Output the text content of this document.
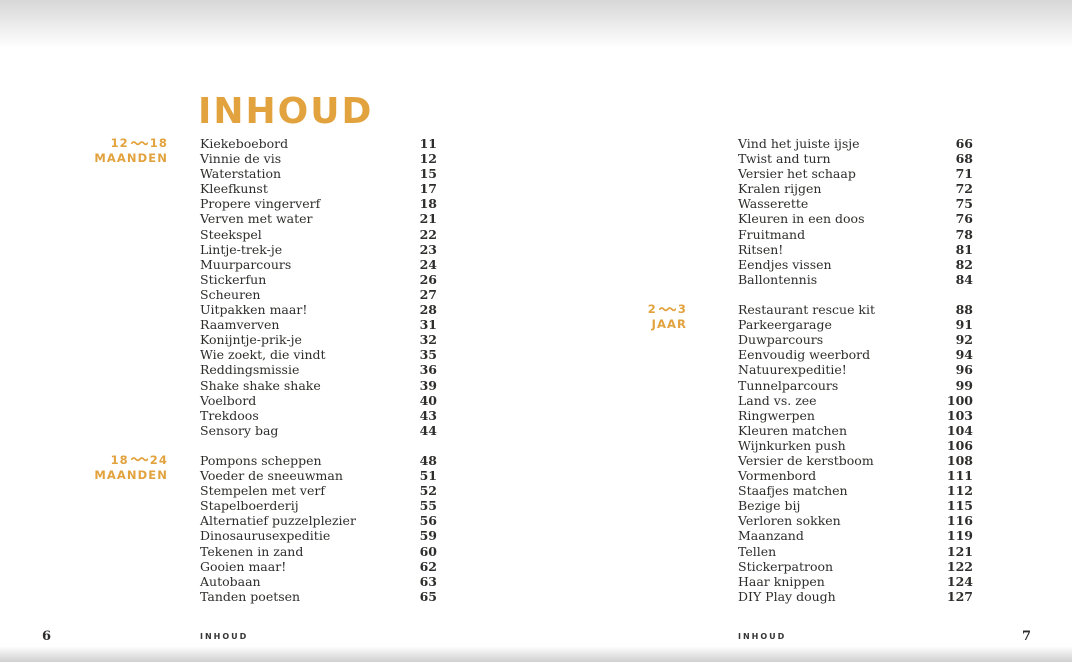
INHOUD
12 18
MAANDEN
Kiekeboebord	11
Vinnie de vis	12
Waterstation	15
Kleefkunst	17
Propere vingerverf	18
Verven met water	21
Steekspel	22
Lintje-trek-je	23
Muurparcours	24
Stickerfun	26
Scheuren	27
Uitpakken maar!	28
Raamverven	31
Konijntje-prik-je	32
Wie zoekt, die vindt	35
Reddingsmissie	36
Shake shake shake	39
Voelbord	40
Trekdoos	43
Sensory bag	44
18 24
MAANDEN
Pompons scheppen	48
Voeder de sneeuwman	51
Stempelen met verf	52
Stapelboerderij	55
Alternatief puzzelplezier	56
Dinosaurusexpeditie	59
Tekenen in zand	60
Gooien maar!	62
Autobaan	63
Tanden poetsen	65
Vind het juiste ijsje	66
Twist and turn	68
Versier het schaap	71
Kralen rijgen	72
Wasserette	75
Kleuren in een doos	76
Fruitmand	78
Ritsen!	81
Eendjes vissen	82
Ballontennis	84
2 3
JAAR
Restaurant rescue kit	88
Parkeergarage	91
Duwparcours	92
Eenvoudig weerbord	94
Natuurexpeditie!	96
Tunnelparcours	99
Land vs. zee	100
Ringwerpen	103
Kleuren matchen	104
Wijnkurken push	106
Versier de kerstboom	108
Vormenbord	111
Staafjes matchen	112
Bezige bij	115
Verloren sokken	116
Maanzand	119
Tellen	121
Stickerpatroon	122
Haar knippen	124
DIY Play dough	127
6	INHOUD	INHOUD	7
